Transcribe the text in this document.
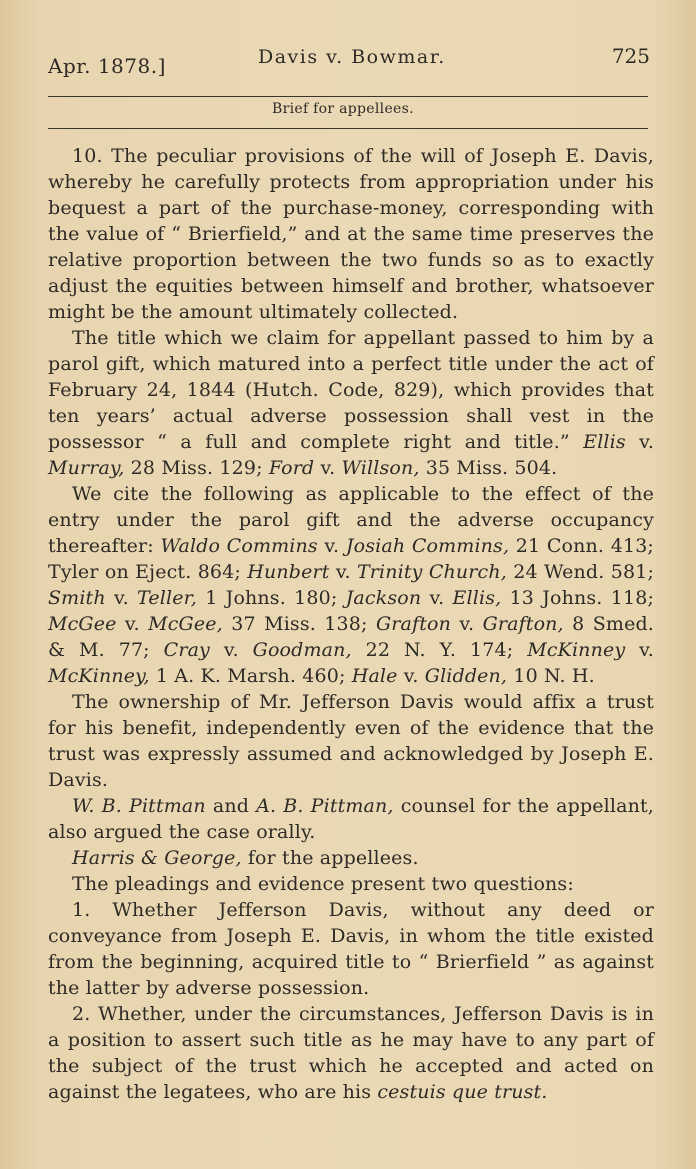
Apr. 1878.]	Davis v. Bowmar.	725
Brief for appellees.

10. The peculiar provisions of the will of Joseph E. Davis, whereby he carefully protects from appropriation under his bequest a part of the purchase-money, corresponding with the value of “ Brierfield,” and at the same time preserves the relative proportion between the two funds so as to exactly adjust the equities between himself and brother, whatsoever might be the amount ultimately collected.

The title which we claim for appellant passed to him by a parol gift, which matured into a perfect title under the act of February 24, 1844 (Hutch. Code, 829), which provides that ten years’ actual adverse possession shall vest in the possessor “ a full and complete right and title.” Ellis v. Murray, 28 Miss. 129; Ford v. Willson, 35 Miss. 504.

We cite the following as applicable to the effect of the entry under the parol gift and the adverse occupancy thereafter: Waldo Commins v. Josiah Commins, 21 Conn. 413; Tyler on Eject. 864; Hunbert v. Trinity Church, 24 Wend. 581; Smith v. Teller, 1 Johns. 180; Jackson v. Ellis, 13 Johns. 118; McGee v. McGee, 37 Miss. 138; Grafton v. Grafton, 8 Smed. & M. 77; Cray v. Goodman, 22 N. Y. 174; McKinney v. McKinney, 1 A. K. Marsh. 460; Hale v. Glidden, 10 N. H.

The ownership of Mr. Jefferson Davis would affix a trust for his benefit, independently even of the evidence that the trust was expressly assumed and acknowledged by Joseph E. Davis.

W. B. Pittman and A. B. Pittman, counsel for the appellant, also argued the case orally.

Harris & George, for the appellees.

The pleadings and evidence present two questions:

1. Whether Jefferson Davis, without any deed or conveyance from Joseph E. Davis, in whom the title existed from the beginning, acquired title to “ Brierfield ” as against the latter by adverse possession.

2. Whether, under the circumstances, Jefferson Davis is in a position to assert such title as he may have to any part of the subject of the trust which he accepted and acted on against the legatees, who are his cestuis que trust.
